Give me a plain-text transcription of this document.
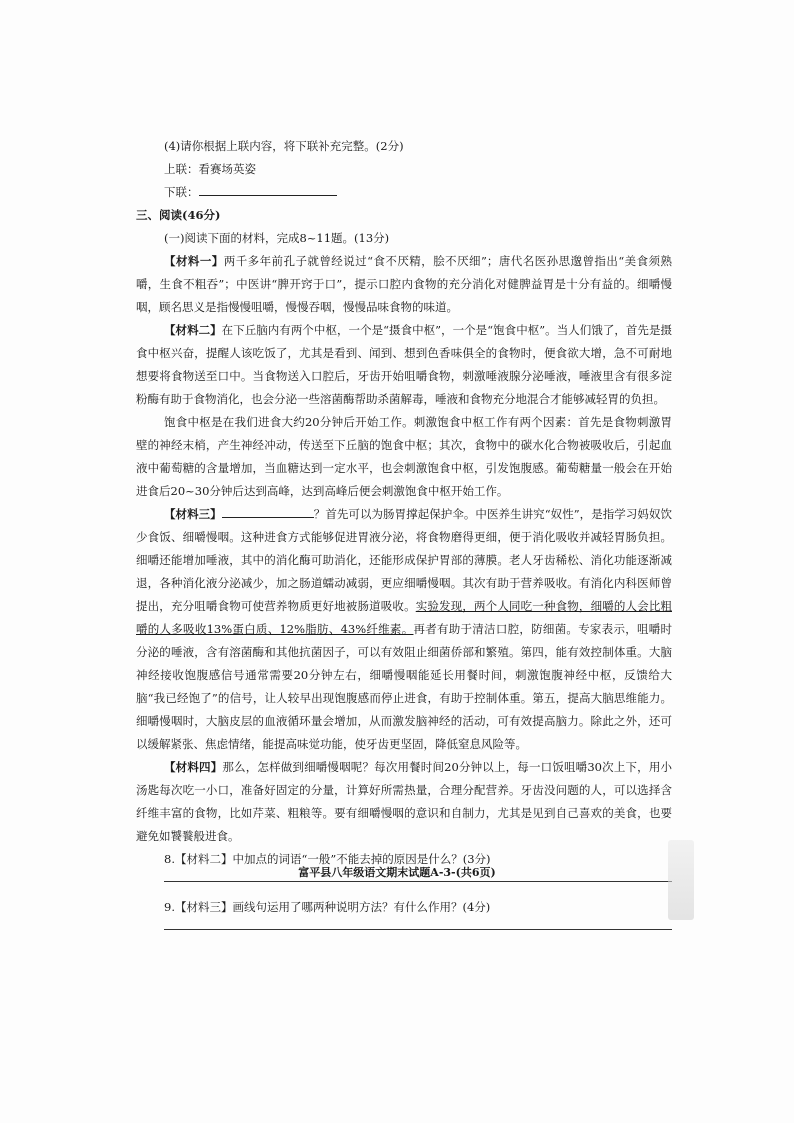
(4)请你根据上联内容，将下联补充完整。(2分)
上联：看赛场英姿
下联：
三、阅读(46分)
(一)阅读下面的材料，完成8~11题。(13分)
【材料一】两千多年前孔子就曾经说过“食不厌精，脍不厌细”；唐代名医孙思邈曾指出“美食须熟嚼，生食不粗吞”；中医讲“脾开窍于口”，提示口腔内食物的充分消化对健脾益胃是十分有益的。细嚼慢咽，顾名思义是指慢慢咀嚼，慢慢吞咽，慢慢品味食物的味道。
【材料二】在下丘脑内有两个中枢，一个是“摄食中枢”，一个是“饱食中枢”。当人们饿了，首先是摄食中枢兴奋，提醒人该吃饭了，尤其是看到、闻到、想到色香味俱全的食物时，便食欲大增，急不可耐地想要将食物送至口中。当食物送入口腔后，牙齿开始咀嚼食物，刺激唾液腺分泌唾液，唾液里含有很多淀粉酶有助于食物消化，也会分泌一些溶菌酶帮助杀菌解毒，唾液和食物充分地混合才能够减轻胃的负担。
饱食中枢是在我们进食大约20分钟后开始工作。刺激饱食中枢工作有两个因素：首先是食物刺激胃壁的神经末梢，产生神经冲动，传送至下丘脑的饱食中枢；其次，食物中的碳水化合物被吸收后，引起血液中葡萄糖的含量增加，当血糖达到一定水平，也会刺激饱食中枢，引发饱腹感。葡萄糖量一般会在开始进食后20~30分钟后达到高峰，达到高峰后便会刺激饱食中枢开始工作。
【材料三】	？首先可以为肠胃撑起保护伞。中医养生讲究“奴性”，是指学习妈奴饮少食饭、细嚼慢咽。这种进食方式能够促进胃液分泌，将食物磨得更细，便于消化吸收并减轻胃肠负担。细嚼还能增加唾液，其中的消化酶可助消化，还能形成保护胃部的薄膜。老人牙齿稀松、消化功能逐渐减退，各种消化液分泌减少，加之肠道蠕动减弱，更应细嚼慢咽。其次有助于营养吸收。有消化内科医师曾提出，充分咀嚼食物可使营养物质更好地被肠道吸收。实验发现，两个人同吃一种食物，细嚼的人会比粗嚼的人多吸收13%蛋白质、12%脂肪、43%纤维素。再者有助于清洁口腔，防细菌。专家表示，咀嚼时分泌的唾液，含有溶菌酶和其他抗菌因子，可以有效阻止细菌侨部和繁殖。第四，能有效控制体重。大脑神经接收饱腹感信号通常需要20分钟左右，细嚼慢咽能延长用餐时间，刺激饱腹神经中枢，反馈给大脑“我已经饱了”的信号，让人较早出现饱腹感而停止进食，有助于控制体重。第五，提高大脑思维能力。细嚼慢咽时，大脑皮层的血液循环量会增加，从而激发脑神经的活动，可有效提高脑力。除此之外，还可以缓解紧张、焦虑情绪，能提高味觉功能，使牙齿更坚固，降低窒息风险等。
【材料四】那么，怎样做到细嚼慢咽呢？每次用餐时间20分钟以上，每一口饭咀嚼30次上下，用小汤匙每次吃一小口，准备好固定的分量，计算好所需热量，合理分配营养。牙齿没问题的人，可以选择含纤维丰富的食物，比如芹菜、粗粮等。要有细嚼慢咽的意识和自制力，尤其是见到自己喜欢的美食，也要避免如饕餮般进食。
8.【材料二】中加点的词语“一般”不能去掉的原因是什么？(3分)
9.【材料三】画线句运用了哪两种说明方法？有什么作用？(4分)
富平县八年级语文期末试题A-3-(共6页)
